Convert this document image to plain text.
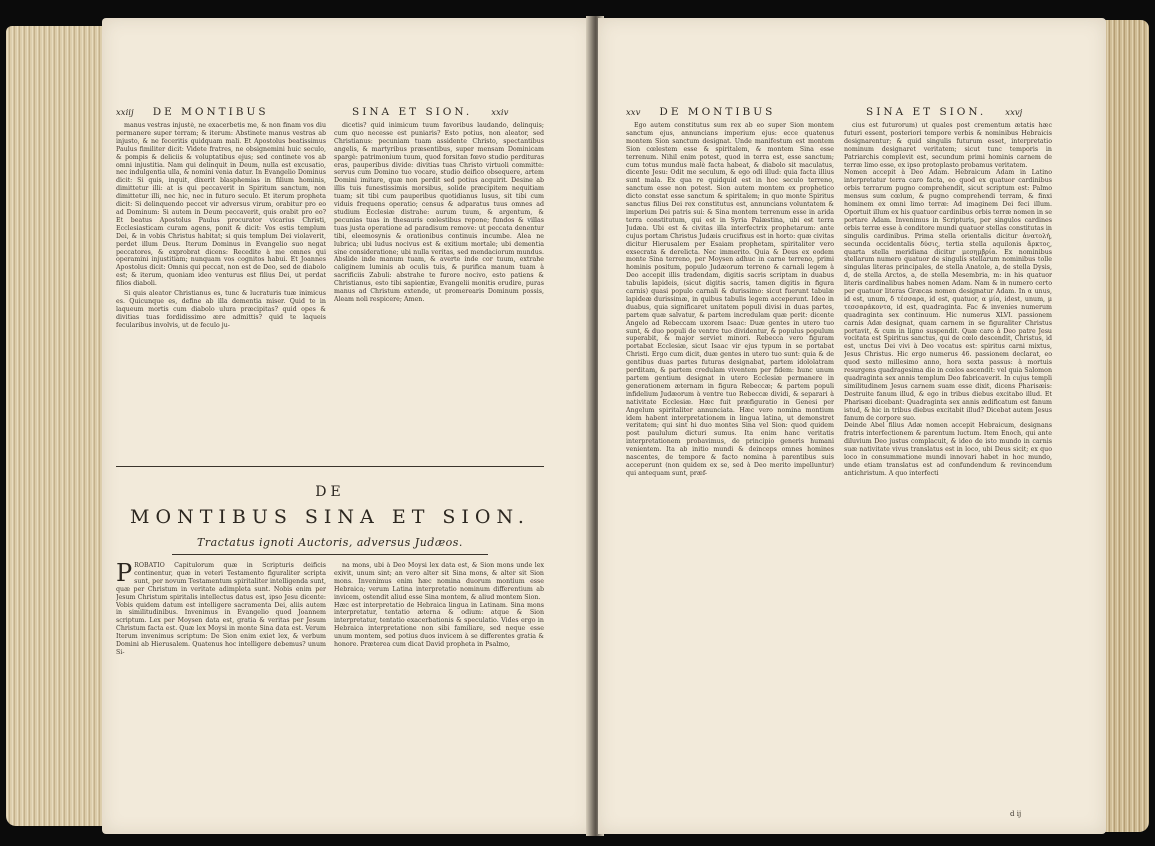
xxiij DE MONTIBUS	SINA ET SION. xxiv

manus vestras injustè, ne exacerbetis me, & non finam vos diu permanere super terram; & iterum: Abstinete manus vestras ab injusto, & ne feceritis quidquam mali. Et Apostolus beatissimus Paulus fimiliter dicit: Videte fratres, ne obsignemini huic seculo, & pompis & deliciis & voluptatibus ejus; sed continete vos ab omni injustitia. Nam qui delinquit in Deum, nulla est excusatio, nec indulgentia ulla, & nomini venia datur. In Evangelio Dominus dicit: Si quis, inquit, dixerit blasphemias in filium hominis, dimittetur illi: at is qui peccaverit in Spiritum sanctum, non dimittetur illi, nec hic, nec in futuro seculo. Et iterum propheta dicit: Si delinquendo peccet vir adversus virum, orabitur pro eo ad Dominum: Si autem in Deum peccaverit, quis orabit pro eo? Et beatus Apostolus Paulus procurator vicarius Christi, Ecclesiasticam curam agens, ponit & dicit: Vos estis templum Dei, & in vobis Christus habitat; si quis templum Dei violaverit, perdet illum Deus. Iterum Dominus in Evangelio suo negat peccatores, & exprobrat dicens: Recedite à me omnes qui operamini injustitiam; nunquam vos cognitos habui. Et Joannes Apostolus dicit: Omnis qui peccat, non est de Deo, sed de diabolo est; & iterum, quoniam ideo venturus est filius Dei, ut perdat filios diaboli.

Si quis aleator Christianus es, tunc & lucraturis tuæ inimicus es. Quicunque es, define ab illa dementia miser. Quid te in laqueum mortis cum diabolo ulura præcipitas? quid opes & divitias tuas fordidissimo ære admittis? quid te laqueis fecularibus involvis, ut de feculo ju-

dicetis? quid inimicum tuum favoribus laudando, delinquis; cum quo necesse est puniaris? Esto potius, non aleator, sed Christianus: pecuniam tuam assidente Christo, spectantibus angelis, & martyribus præsentibus, super mensam Dominicam spargè: patrimonium tuum, quod forsitan fœvo studio perdituras eras, pauperibus divide: divitias tuas Christo virtuoli committe: servus cum Domino tuo vocare, studio deifico obsequere, artem Domini imitare, quæ non perdit sed potius acquirit. Desine ab illis tuis funestissimis morsibus, solide præcipitem nequitiam tuam; sit tibi cum pauperibus quotidianus lusus, sit tibi cum viduis frequens operatio; census & adparatus tuus omnes ad studium Ecclesiæ distrahe: aurum tuum, & argentum, & pecunias tuas in thesauris cœlestibus repone; fundos & villas tuas justa operatione ad paradisum remove: ut peccata denentur tibi, eleemosynis & orationibus continuis incumbe. Alea ne lubrica; ubi ludus nocivus est & exitium mortale; ubi dementia sine consideratione; ubi nulla veritas, sed mendaciorum mundus. Abslide inde manum tuam, & averte inde cor tuum, extrahe caliginem luminis ab oculis tuis, & purifica manum tuam à sacrificiis Zabuli: abstrahe te furore nocivo, esto patiens & Christianus, esto tibi sapientiæ, Evangelii monitis erudire, puras manus ad Christum extende, ut promerearis Dominum possis, Aleam noli respicere; Amen.

DE
MONTIBUS SINA ET SION.
Tractatus ignoti Auctoris, adversus Judæos.
P ROBATIO Capitulorum quæ in Scripturis deificis continentur, quæ in veteri Testamento figuraliter scripta sunt, per novum Testamentum spiritaliter intelligenda sunt, quæ per Christum in veritate adimpleta sunt. Nobis enim per Jesum Christum spiritalis intellectus datus est, ipso Jesu dicente: Vobis quidem datum est intelligere sacramenta Dei, aliis autem in similitudinibus. Invenimus in Evangelio quod Joannem scriptum. Lex per Moysen data est, gratia & veritas per Jesum Christum facta est. Quæ lex Moysi in monte Sina data est. Verum Iterum invenimus scriptum: De Sion enim exiet lex, & verbum Domini ab Hierusalem. Quatenus hoc intelligere debemus? unum Si-

na mons, ubi à Deo Moysi lex data est, & Sion mons unde lex exivit, unum sint; an vero alter sit Sina mons, & alter sit Sion mons. Invenimus enim hæc nomina duorum montium esse Hebraica; verum Latina interpretatio nominum differentium ab invicem, ostendit aliud esse Sina montem, & aliud montem Sion.
Hæc est interpretatio de Hebraica lingua in Latinam. Sina mons interpretatur, tentatio æterna & odium: atque & Sion interpretatur, tentatio exacerbationis & speculatio. Vides ergo in Hebraica interpretatione non sibi familiare, sed neque esse unum montem, sed potius duos invicem à se differentes gratia & honore. Præterea cum dicat David propheta in Psalmo,

xxv DE MONTIBUS	SINA ET SION. xxvj

Ego autem constitutus sum rex ab eo super Sion montem sanctum ejus, annuncians imperium ejus: ecce quatenus montem Sion sanctum designat. Unde manifestum est montem Sion cœlestem esse & spiritalem, & montem Sina esse terrenum. Nihil enim potest, quod in terra est, esse sanctum; cum totus mundus malè facta habeat, & diabolo sit maculatus, dicente Jesu: Odit me seculum, & ego odi illud: quia facta illius sunt mala. Ex qua re quidquid est in hoc seculo terreno, sanctum esse non potest. Sion autem montem ex prophetico dicto constat esse sanctum & spiritalem; in quo monte Spiritus sanctus filius Dei rex constitutus est, annuncians voluntatem & imperium Dei patris sui: & Sina montem terrenum esse in arida terra constitutum, qui est in Syria Palæstina, ubi est terra Judæa. Ubi est & civitas illa interfectrix prophetarum: ante cujus portam Christus Judæis crucifixus est in horto: quæ civitas dicitur Hierusalem per Esaiam prophetam, spiritaliter vero exsecrata & derelicta. Nec immerito. Quia & Deus ex eodem monte Sina terreno, per Moysen adhuc in carne terreno, primi hominis positum, populo Judæorum terreno & carnali legem à Deo accepit illis tradendam, digitis sacris scriptam in duabus tabulis lapideis, (sicut digitis sacris, tamen digitis in figura carnis) quasi populo carnali & durissimo: sicut fuerunt tabulæ lapideæ durissimæ, in quibus tabulis legem acceperunt. Ideo in duabus, quia significaret unitatem populi divisi in duas partes, partem quæ salvatur, & partem incredulam quæ perit: dicente Angelo ad Rebeccam uxorem Isaac: Duæ gentes in utero tuo sunt, & duo populi de ventre tuo dividentur, & populus populum superabit, & major serviet minori. Rebecca vero figuram portabat Ecclesiæ, sicut Isaac vir ejus typum in se portabat Christi. Ergo cum dicit, duæ gentes in utero tuo sunt: quia & de gentibus duas partes futuras designabat, partem idololatram perditam, & partem credulam viventem per fidem: hunc unum partem gentium designat in utero Ecclesiæ permanere in generationem æternam in figura Rebeccæ; & partem populi infidelium Judæorum à ventre tuo Rebeccæ dividi, & separari à nativitate Ecclesiæ. Hæc fuit præfiguratio in Genesi per Angelum spiritaliter annunciata. Hæc vero nomina montium idem habent interpretationem in lingua latina, ut demonstret veritatem; qui sint hi duo montes Sina vel Sion: quod quidem post paululum dicturi sumus. Ita enim hanc veritatis interpretationem probavimus, de principio generis humani venientem. Ita ab initio mundi & deinceps omnes homines nascentes, de tempore & facto nomina à parentibus suis acceperunt (non quidem ex se, sed à Deo merito impelluntur) qui antequam sunt, præf-

cius est futurorum) ut quales post crementum ætatis hæc futuri essent, posteriori tempore verbis & nominibus Hebraicis designarentur; & quid singulis futurum esset, interpretatio nominum designaret veritatem; sicut tunc temporis in Patriarchis complevit est, secundum primi hominis carnem de terræ limo esse, ex ipso protoplasto probamus veritatem.
Nomen accepit à Deo Adam. Hebraicum Adam in Latino interpretatur terra caro facta, eo quod ex quatuor cardinibus orbis terrarum pugno comprehendit, sicut scriptum est: Palmo mensus sum cœlum, & pugno comprehendi terram, & finxi hominem ex omni limo terræ: Ad imaginem Dei feci illum. Oportuit illum ex his quatuor cardinibus orbis terræ nomen in se portare Adam. Invenimus in Scripturis, per singulos cardines orbis terræ esse à conditore mundi quatuor stellas constitutas in singulis cardinibus. Prima stella orientalis dicitur ἀνατολή, secunda occidentalis δύσις, tertia stella aquilonis ἄρκτος, quarta stella meridiana dicitur μεσημβρία. Ex nominibus stellarum numero quatuor de singulis stellarum nominibus tolle singulas literas principales, de stella Anatole, a, de stella Dysis, d, de stella Arctos, a, de stella Mesembria, m: in his quatuor literis cardinalibus habes nomen Adam. Nam & in numero certo per quatuor literas Græcas nomen designatur Adam. In α unus, id est, unum, δ τέσσαρα, id est, quatuor, α μία, idest, unum, μ τεσσαράκοντα, id est, quadraginta. Fac & invenies numerum quadraginta sex continuum. Hic numerus XLVI. passionem carnis Adæ designat, quam carnem in se figuraliter Christus portavit, & cum in ligno suspendit. Quæ caro à Deo patre Jesu vocitata est Spiritus sanctus, qui de cœlo descendit, Christus, id est, unctus Dei vivi à Deo vocatus est: spiritus carni mixtus, Jesus Christus. Hic ergo numerus 46. passionem declarat, eo quod sexto millesimo anno, hora sexta passus: à mortuis resurgens quadragesima die in cœlos ascendit: vel quia Salomon quadraginta sex annis templum Deo fabricaverit. In cujus templi similitudinem Jesus carnem suam esse dixit, dicens Pharisæis: Destruite fanum illud, & ego in tribus diebus excitabo illud. Et Pharisæi dicebant: Quadraginta sex annis ædificatum est fanum istud, & hic in tribus diebus excitabit illud? Dicebat autem Jesus fanum de corpore suo.
Deinde Abel filius Adæ nomen accepit Hebraicum, designans fratris interfectionem & parentum luctum. Item Enoch, qui ante diluvium Deo justus complacuit, & ideo de isto mundo in carnis suæ nativitate vivus translatus est in loco, ubi Deus sicit; ex quo loco in consummatione mundi innovari habet in hoc mundo, unde etiam translatus est ad confundendum & revincendum antichristum. A quo interfecti

d ij
